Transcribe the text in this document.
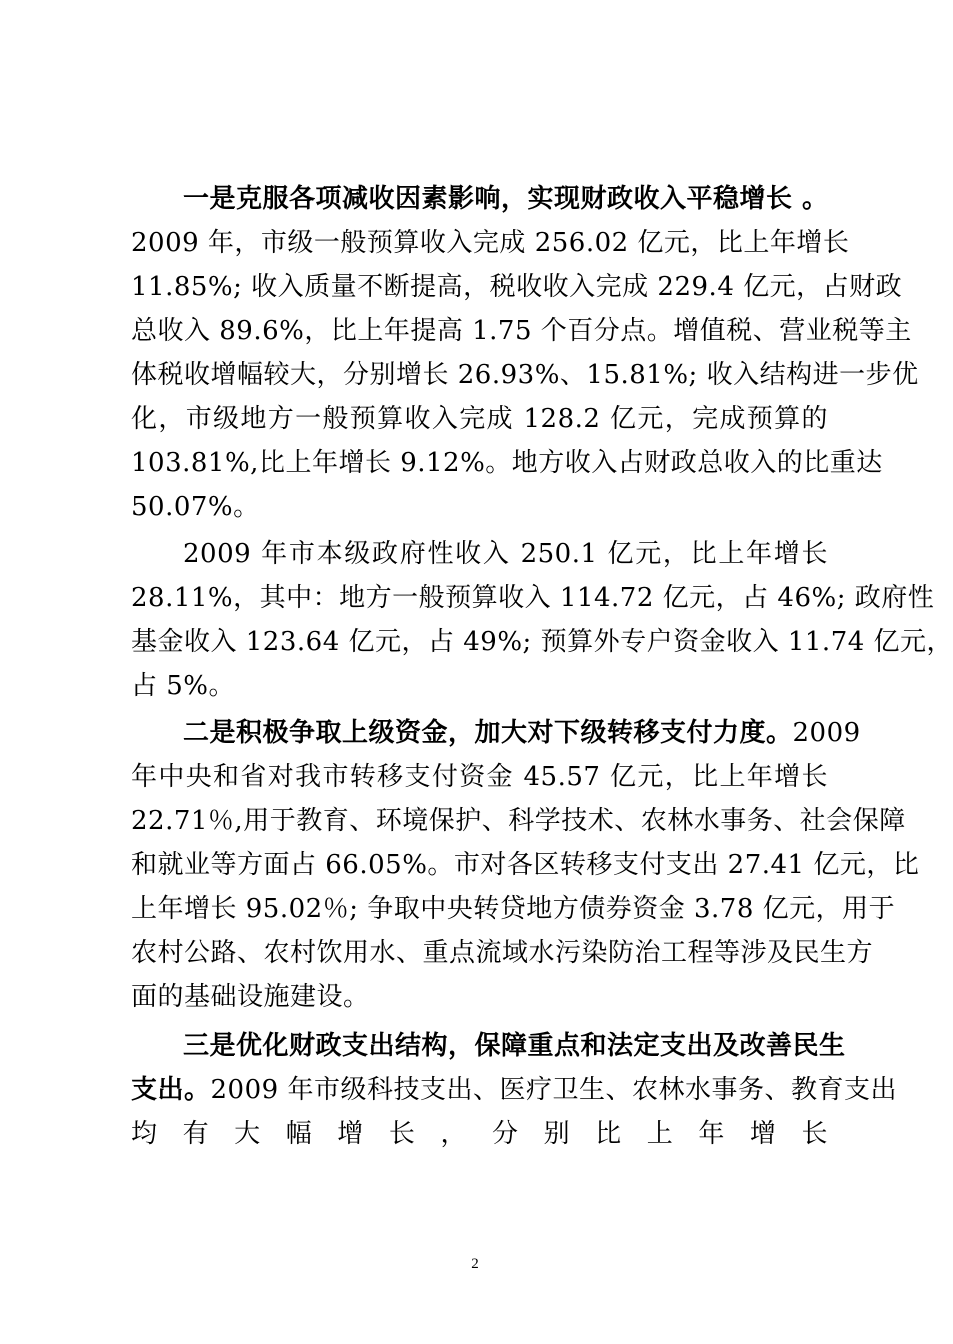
一是克服各项减收因素影响，实现财政收入平稳增长 。
2009 年，市级一般预算收入完成 256.02 亿元，比上年增长
11.85%; 收入质量不断提高，税收收入完成 229.4 亿元，占财政
总收入 89.6%，比上年提高 1.75 个百分点。增值税、营业税等主
体税收增幅较大，分别增长 26.93%、15.81%; 收入结构进一步优
化，市级地方一般预算收入完成 128.2 亿元，完成预算的
103.81%,比上年增长 9.12%。地方收入占财政总收入的比重达
50.07%。
2009 年市本级政府性收入 250.1 亿元，比上年增长
28.11%，其中：地方一般预算收入 114.72 亿元，占 46%; 政府性
基金收入 123.64 亿元，占 49%; 预算外专户资金收入 11.74 亿元，
占 5%。
二是积极争取上级资金，加大对下级转移支付力度。2009
年中央和省对我市转移支付资金 45.57 亿元，比上年增长
22.71％,用于教育、环境保护、科学技术、农林水事务、社会保障
和就业等方面占 66.05%。市对各区转移支付支出 27.41 亿元，比
上年增长 95.02％; 争取中央转贷地方债券资金 3.78 亿元，用于
农村公路、农村饮用水、重点流域水污染防治工程等涉及民生方
面的基础设施建设。
三是优化财政支出结构，保障重点和法定支出及改善民生
支出。2009 年市级科技支出、医疗卫生、农林水事务、教育支出
均有大幅增长，分别比上年增长
2
